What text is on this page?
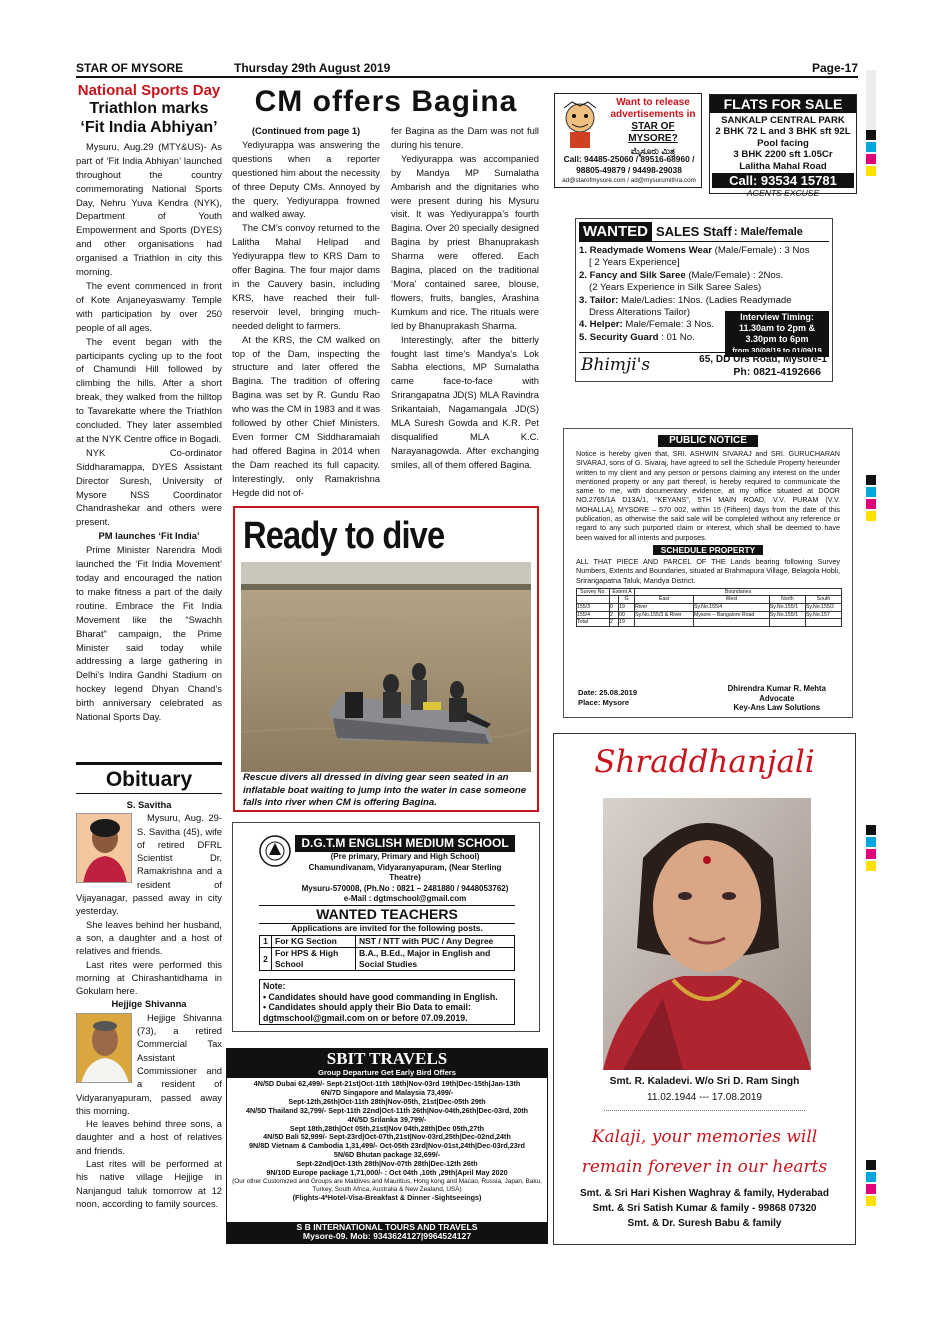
STAR OF MYSORE	Thursday 29th August 2019	Page-17
National Sports Day
Triathlon marks
‘Fit India Abhiyan’

Mysuru, Aug.29 (MTY&US)- As part of ‘Fit India Abhiyan’ launched throughout the country commemorating National Sports Day, Nehru Yuva Kendra (NYK), Department of Youth Empowerment and Sports (DYES) and other organisations had organised a Triathlon in city this morning.

The event commenced in front of Kote Anjaneyaswamy Temple with participation by over 250 people of all ages.

The event began with the participants cycling up to the foot of Chamundi Hill followed by climbing the hills. After a short break, they walked from the hilltop to Tavarekatte where the Triathlon concluded. They later assembled at the NYK Centre office in Bogadi.

NYK Co-ordinator Siddharamappa, DYES Assistant Director Suresh, University of Mysore NSS Coordinator Chandrashekar and others were present.

PM launches ‘Fit India’

Prime Minister Narendra Modi launched the ‘Fit India Movement’ today and encouraged the nation to make fitness a part of the daily routine. Embrace the Fit India Movement like the “Swachh Bharat” campaign, the Prime Minister said today while addressing a large gathering in Delhi’s Indira Gandhi Stadium on hockey legend Dhyan Chand’s birth anniversary celebrated as National Sports Day.

Obituary

S. Savitha

Mysuru, Aug. 29- S. Savitha (45), wife of retired DFRL Scientist Dr. Ramakrishna and a resident of Vijayanagar, passed away in city yesterday.

She leaves behind her husband, a son, a daughter and a host of relatives and friends.

Last rites were performed this morning at Chirashantidhama in Gokulam here.

Hejjige Shivanna

Hejjige Shivanna (73), a retired Commercial Tax Assistant Commissioner and a resident of Vidyaranyapuram, passed away this morning.

He leaves behind three sons, a daughter and a host of relatives and friends.

Last rites will be performed at his native village Hejjige in Nanjangud taluk tomorrow at 12 noon, according to family sources.

CM offers Bagina

(Continued from page 1)

Yediyurappa was answering the questions when a reporter questioned him about the necessity of three Deputy CMs. Annoyed by the query, Yediyurappa frowned and walked away.

The CM’s convoy returned to the Lalitha Mahal Helipad and Yediyurappa flew to KRS Dam to offer Bagina. The four major dams in the Cauvery basin, including KRS, have reached their full-reservoir level, bringing much-needed delight to farmers.

At the KRS, the CM walked on top of the Dam, inspecting the structure and later offered the Bagina. The tradition of offering Bagina was set by R. Gundu Rao who was the CM in 1983 and it was followed by other Chief Ministers. Even former CM Siddharamaiah had offered Bagina in 2014 when the Dam reached its full capacity. Interestingly, only Ramakrishna Hegde did not of-

fer Bagina as the Dam was not full during his tenure.

Yediyurappa was accompanied by Mandya MP Sumalatha Ambarish and the dignitaries who were present during his Mysuru visit. It was Yediyurappa’s fourth Bagina. Over 20 specially designed Bagina by priest Bhanuprakash Sharma were offered. Each Bagina, placed on the traditional ‘Mora’ contained saree, blouse, flowers, fruits, bangles, Arashina Kumkum and rice. The rituals were led by Bhanuprakash Sharma.

Interestingly, after the bitterly fought last time’s Mandya’s Lok Sabha elections, MP Sumalatha came face-to-face with Srirangapatna JD(S) MLA Ravindra Srikantaiah, Nagamangala JD(S) MLA Suresh Gowda and K.R. Pet disqualified MLA K.C. Narayanagowda. After exchanging smiles, all of them offered Bagina.

Ready to dive
Rescue divers all dressed in diving gear seen seated in an inflatable boat waiting to jump into the water in case someone falls into river when CM is offering Bagina.
Want to release
advertisements in
STAR OF MYSORE?
ಮೈಸೂರು ಮಿತ್ರ
Call: 94485-25060 / 89516-68960 / 98805-49879 / 94498-29038
ad@starofmysore.com / ad@mysurumithra.com
FLATS FOR SALE
SANKALP CENTRAL PARK
2 BHK 72 L and 3 BHK sft 92L
Pool facing
3 BHK 2200 sft 1.05Cr
Lalitha Mahal Road
Call: 93534 15781
AGENTS EXCUSE
WANTED SALES Staff : Male/female
1. Readymade Womens Wear (Male/Female) : 3 Nos
[ 2 Years Experience]
2. Fancy and Silk Saree (Male/Female) : 2Nos.
(2 Years Experience in Silk Saree Sales)
3. Tailor: Male/Ladies: 1Nos. (Ladies Readymade
Dress Alterations Tailor)
4. Helper: Male/Female: 3 Nos.
5. Security Guard : 01 No.
Interview Timing:
11.30am to 2pm &
3.30pm to 6pm
from 30/08/19 to 01/09/19
Bhimji's	65, DD Urs Road, Mysore-1
Ph: 0821-4192666
PUBLIC NOTICE
Notice is hereby given that, SRI. ASHWIN SIVARAJ and SRI. GURUCHARAN SIVARAJ, sons of G. Sivaraj, have agreed to sell the Schedule Property hereunder written to my client and any person or persons claiming any interest on the under mentioned property or any part thereof, is hereby required to communicate the same to me, with documentary evidence, at my office situated at DOOR NO.2765/1A D13A/1, “KEYANS”, 5TH MAIN ROAD, V.V. PURAM (V.V. MOHALLA), MYSORE – 570 002, within 15 (Fifteen) days from the date of this publication, as otherwise the said sale will be completed without any reference or regard to any such purported claim or interest, which shall be deemed to have been waived for all intents and purposes.
SCHEDULE PROPERTY
ALL THAT PIECE AND PARCEL OF THE Lands bearing following Survey Numbers, Extents and Boundaries, situated at Brahmapura Village, Belagola Hobli, Srirangapatna Taluk, Mandya District.
Survey No.	Extent A		Boundaries			
		G	East	West	North	South
155/3	0	19	River	Sy.No.155/4	Sy.No.155/1	Sy.No.155/2
155/4	2	00	Sy.No.155/3 & River	Mysore – Bangalore Road	Sy.No.155/1	Sy.No.157
Total	2	19				
Date: 25.08.2019
Place: Mysore
Dhirendra Kumar R. Mehta
Advocate
Key-Ans Law Solutions
D.G.T.M ENGLISH MEDIUM SCHOOL
(Pre primary, Primary and High School)
Chamundivanam, Vidyaranyapuram, (Near Sterling Theatre)
Mysuru-570008, (Ph.No : 0821 – 2481880 / 9448053762)
e-Mail : dgtmschool@gmail.com
WANTED TEACHERS
Applications are invited for the following posts.
1	For KG Section	NST / NTT with PUC / Any Degree
2	For HPS & High School	B.A., B.Ed., Major in English and Social Studies
Note:
• Candidates should have good commanding in English.
• Candidates should apply their Bio Data to email: dgtmschool@gmail.com on or before 07.09.2019.
SBIT TRAVELS
Group Departure Get Early Bird Offers
4N/5D Dubai 62,499/- Sept-21st|Oct-11th 18th|Nov-03rd 19th|Dec-15th|Jan-13th
6N/7D Singapore and Malaysia 73,499/-
Sept-12th,26th|Oct-11th 28th|Nov-05th, 21st|Dec-05th 29th
4N/5D Thailand 32,799/- Sept-11th 22nd|Oct-11th 26th|Nov-04th,26th|Dec-03rd, 20th
4N/5D Srilanka 39,799/-
Sept 18th,28th|Oct 05th,21st|Nov 04th,28th|Dec 05th,27th
4N/5D Bali 52,999/- Sept-23rd|Oct-07th,21st|Nov-03rd,25th|Dec-02nd,24th
9N/8D Vietnam & Cambodia 1,31,499/- Oct-05th 23rd|Nov-01st,24th|Dec-03rd,23rd
5N/6D Bhutan package 32,699/-
Sept-22nd|Oct-13th 28th|Nov-07th 28th|Dec-12th 26th
9N/10D Europe package 1,71,000/- : Oct 04th ,10th ,29th|April May 2020
(Our other Customized and Groups are Maldives and Mauritius, Hong kong and Macao, Russia, Japan, Baku, Turkey, South Africa, Australia & New Zealand, USA)
(Flights-4*Hotel-Visa-Breakfast & Dinner -Sightseeings)
S B INTERNATIONAL TOURS AND TRAVELS
Mysore-09. Mob: 9343624127|9964524127
Shraddhanjali
Smt. R. Kaladevi. W/o Sri D. Ram Singh
11.02.1944 --- 17.08.2019
Kalaji, your memories will
remain forever in our hearts
Smt. & Sri Hari Kishen Waghray & family, Hyderabad
Smt. & Sri Satish Kumar & family - 99868 07320
Smt. & Dr. Suresh Babu & family
